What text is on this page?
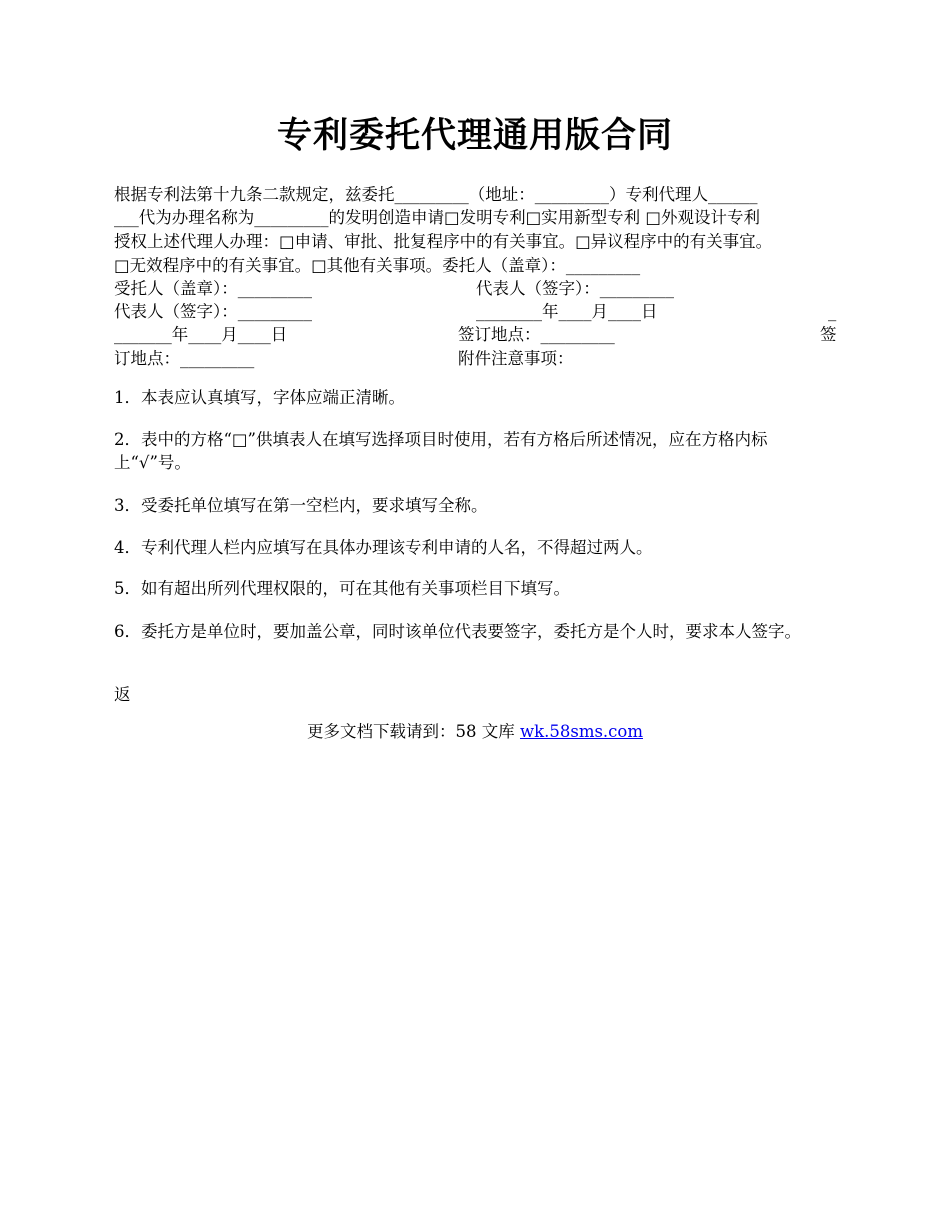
专利委托代理通用版合同
根据专利法第十九条二款规定，兹委托_________（地址：_________）专利代理人______
___代为办理名称为_________的发明创造申请□发明专利□实用新型专利 □外观设计专利
授权上述代理人办理：□申请、审批、批复程序中的有关事宜。□异议程序中的有关事宜。
□无效程序中的有关事宜。□其他有关事项。委托人（盖章）：_________
受托人（盖章）：_________	代表人（签字）：_________
代表人（签字）：_________	________年____月____日	_
_______年____月____日	签订地点：_________	签
订地点：_________	附件注意事项：
1．本表应认真填写，字体应端正清晰。
2．表中的方格“□”供填表人在填写选择项目时使用，若有方格后所述情况，应在方格内标上“√”号。
3．受委托单位填写在第一空栏内，要求填写全称。
4．专利代理人栏内应填写在具体办理该专利申请的人名，不得超过两人。
5．如有超出所列代理权限的，可在其他有关事项栏目下填写。
6．委托方是单位时，要加盖公章，同时该单位代表要签字，委托方是个人时，要求本人签字。
返
更多文档下载请到：58 文库 wk.58sms.com
